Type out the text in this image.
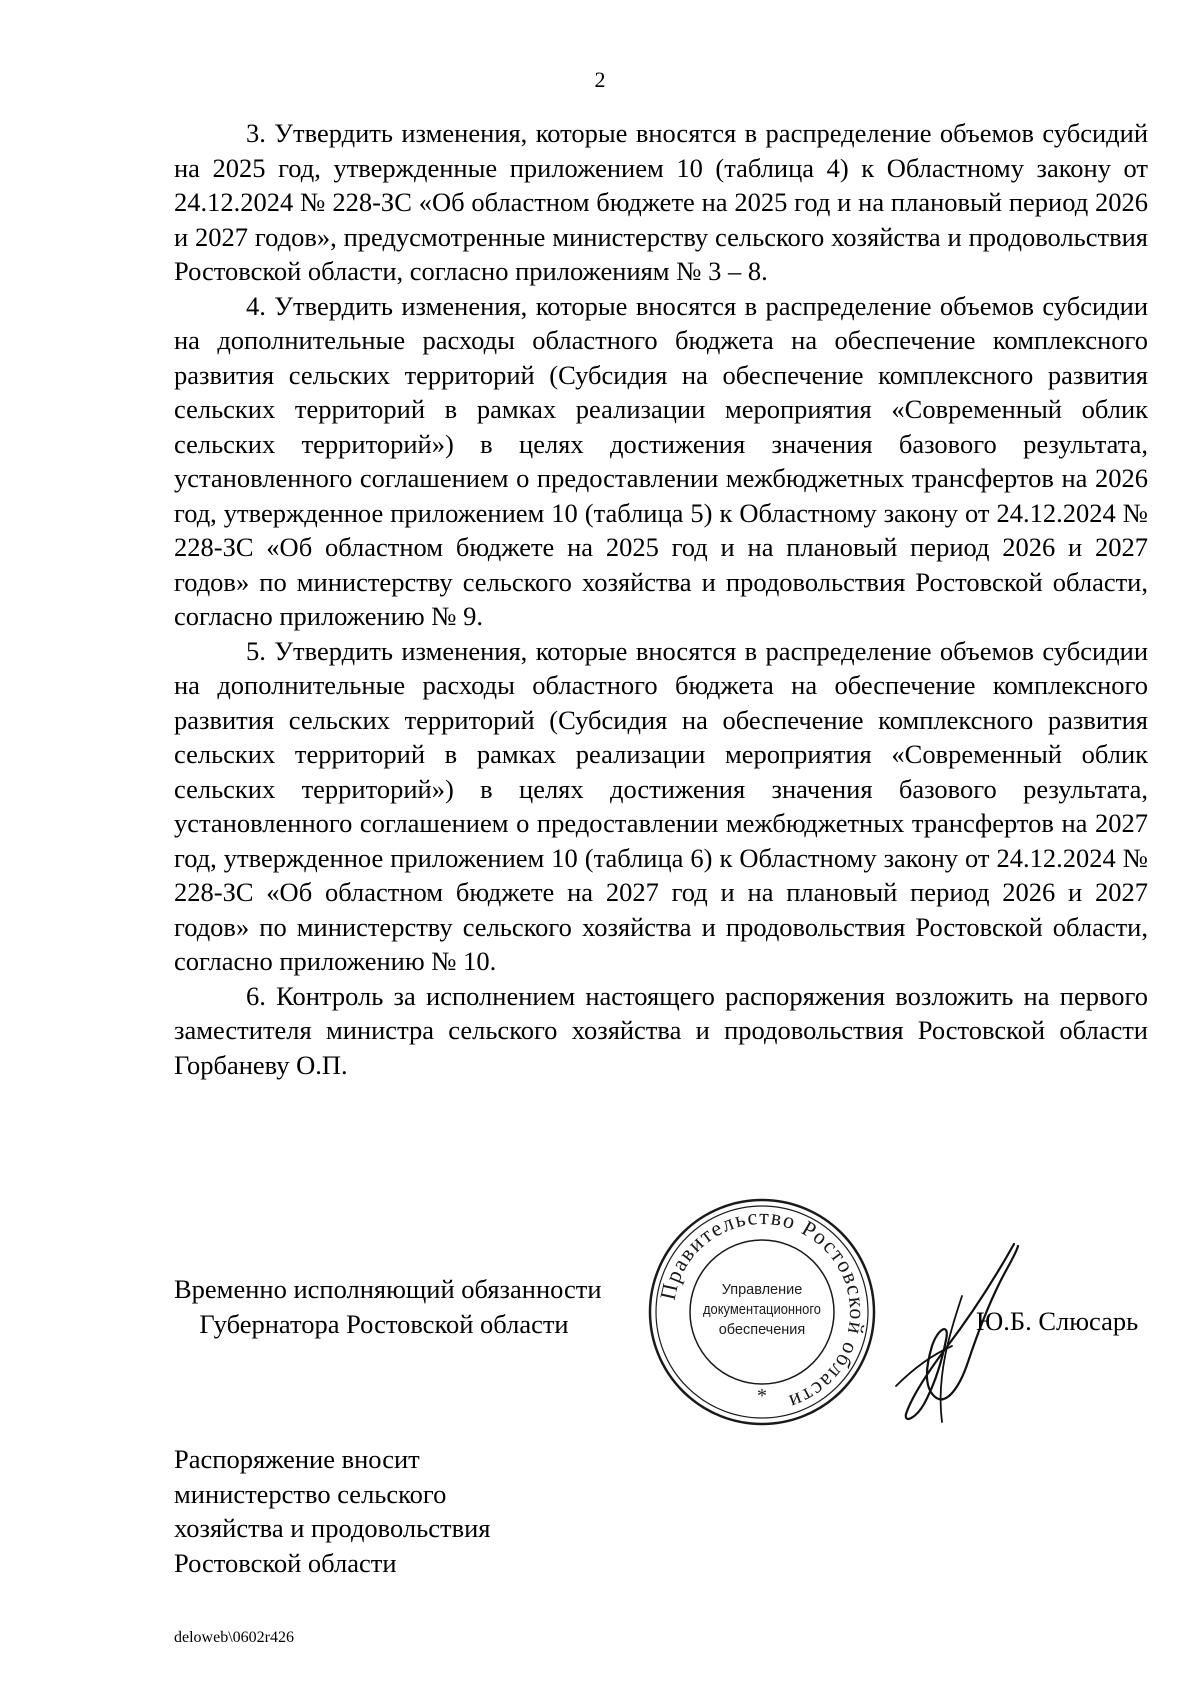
2

3. Утвердить изменения, которые вносятся в распределение объемов субсидий на 2025 год, утвержденные приложением 10 (таблица 4) к Областному закону от 24.12.2024 № 228-ЗС «Об областном бюджете на 2025 год и на плановый период 2026 и 2027 годов», предусмотренные министерству сельского хозяйства и продовольствия Ростовской области, согласно приложениям № 3 – 8.

4. Утвердить изменения, которые вносятся в распределение объемов субсидии на дополнительные расходы областного бюджета на обеспечение комплексного развития сельских территорий (Субсидия на обеспечение комплексного развития сельских территорий в рамках реализации мероприятия «Современный облик сельских территорий») в целях достижения значения базового результата, установленного соглашением о предоставлении межбюджетных трансфертов на 2026 год, утвержденное приложением 10 (таблица 5) к Областному закону от 24.12.2024 № 228-ЗС «Об областном бюджете на 2025 год и на плановый период 2026 и 2027 годов» по министерству сельского хозяйства и продовольствия Ростовской области, согласно приложению № 9.

5. Утвердить изменения, которые вносятся в распределение объемов субсидии на дополнительные расходы областного бюджета на обеспечение комплексного развития сельских территорий (Субсидия на обеспечение комплексного развития сельских территорий в рамках реализации мероприятия «Современный облик сельских территорий») в целях достижения значения базового результата, установленного соглашением о предоставлении межбюджетных трансфертов на 2027 год, утвержденное приложением 10 (таблица 6) к Областному закону от 24.12.2024 № 228-ЗС «Об областном бюджете на 2027 год и на плановый период 2026 и 2027 годов» по министерству сельского хозяйства и продовольствия Ростовской области, согласно приложению № 10.

6. Контроль за исполнением настоящего распоряжения возложить на первого заместителя министра сельского хозяйства и продовольствия Ростовской области Горбаневу О.П.

Временно исполняющий обязанности
Губернатора Ростовской области
Правительство Ростовской области
Управление
документационного
обеспечения
*
Ю.Б. Слюсарь
Распоряжение вносит
министерство сельского
хозяйства и продовольствия
Ростовской области
deloweb\0602r426
